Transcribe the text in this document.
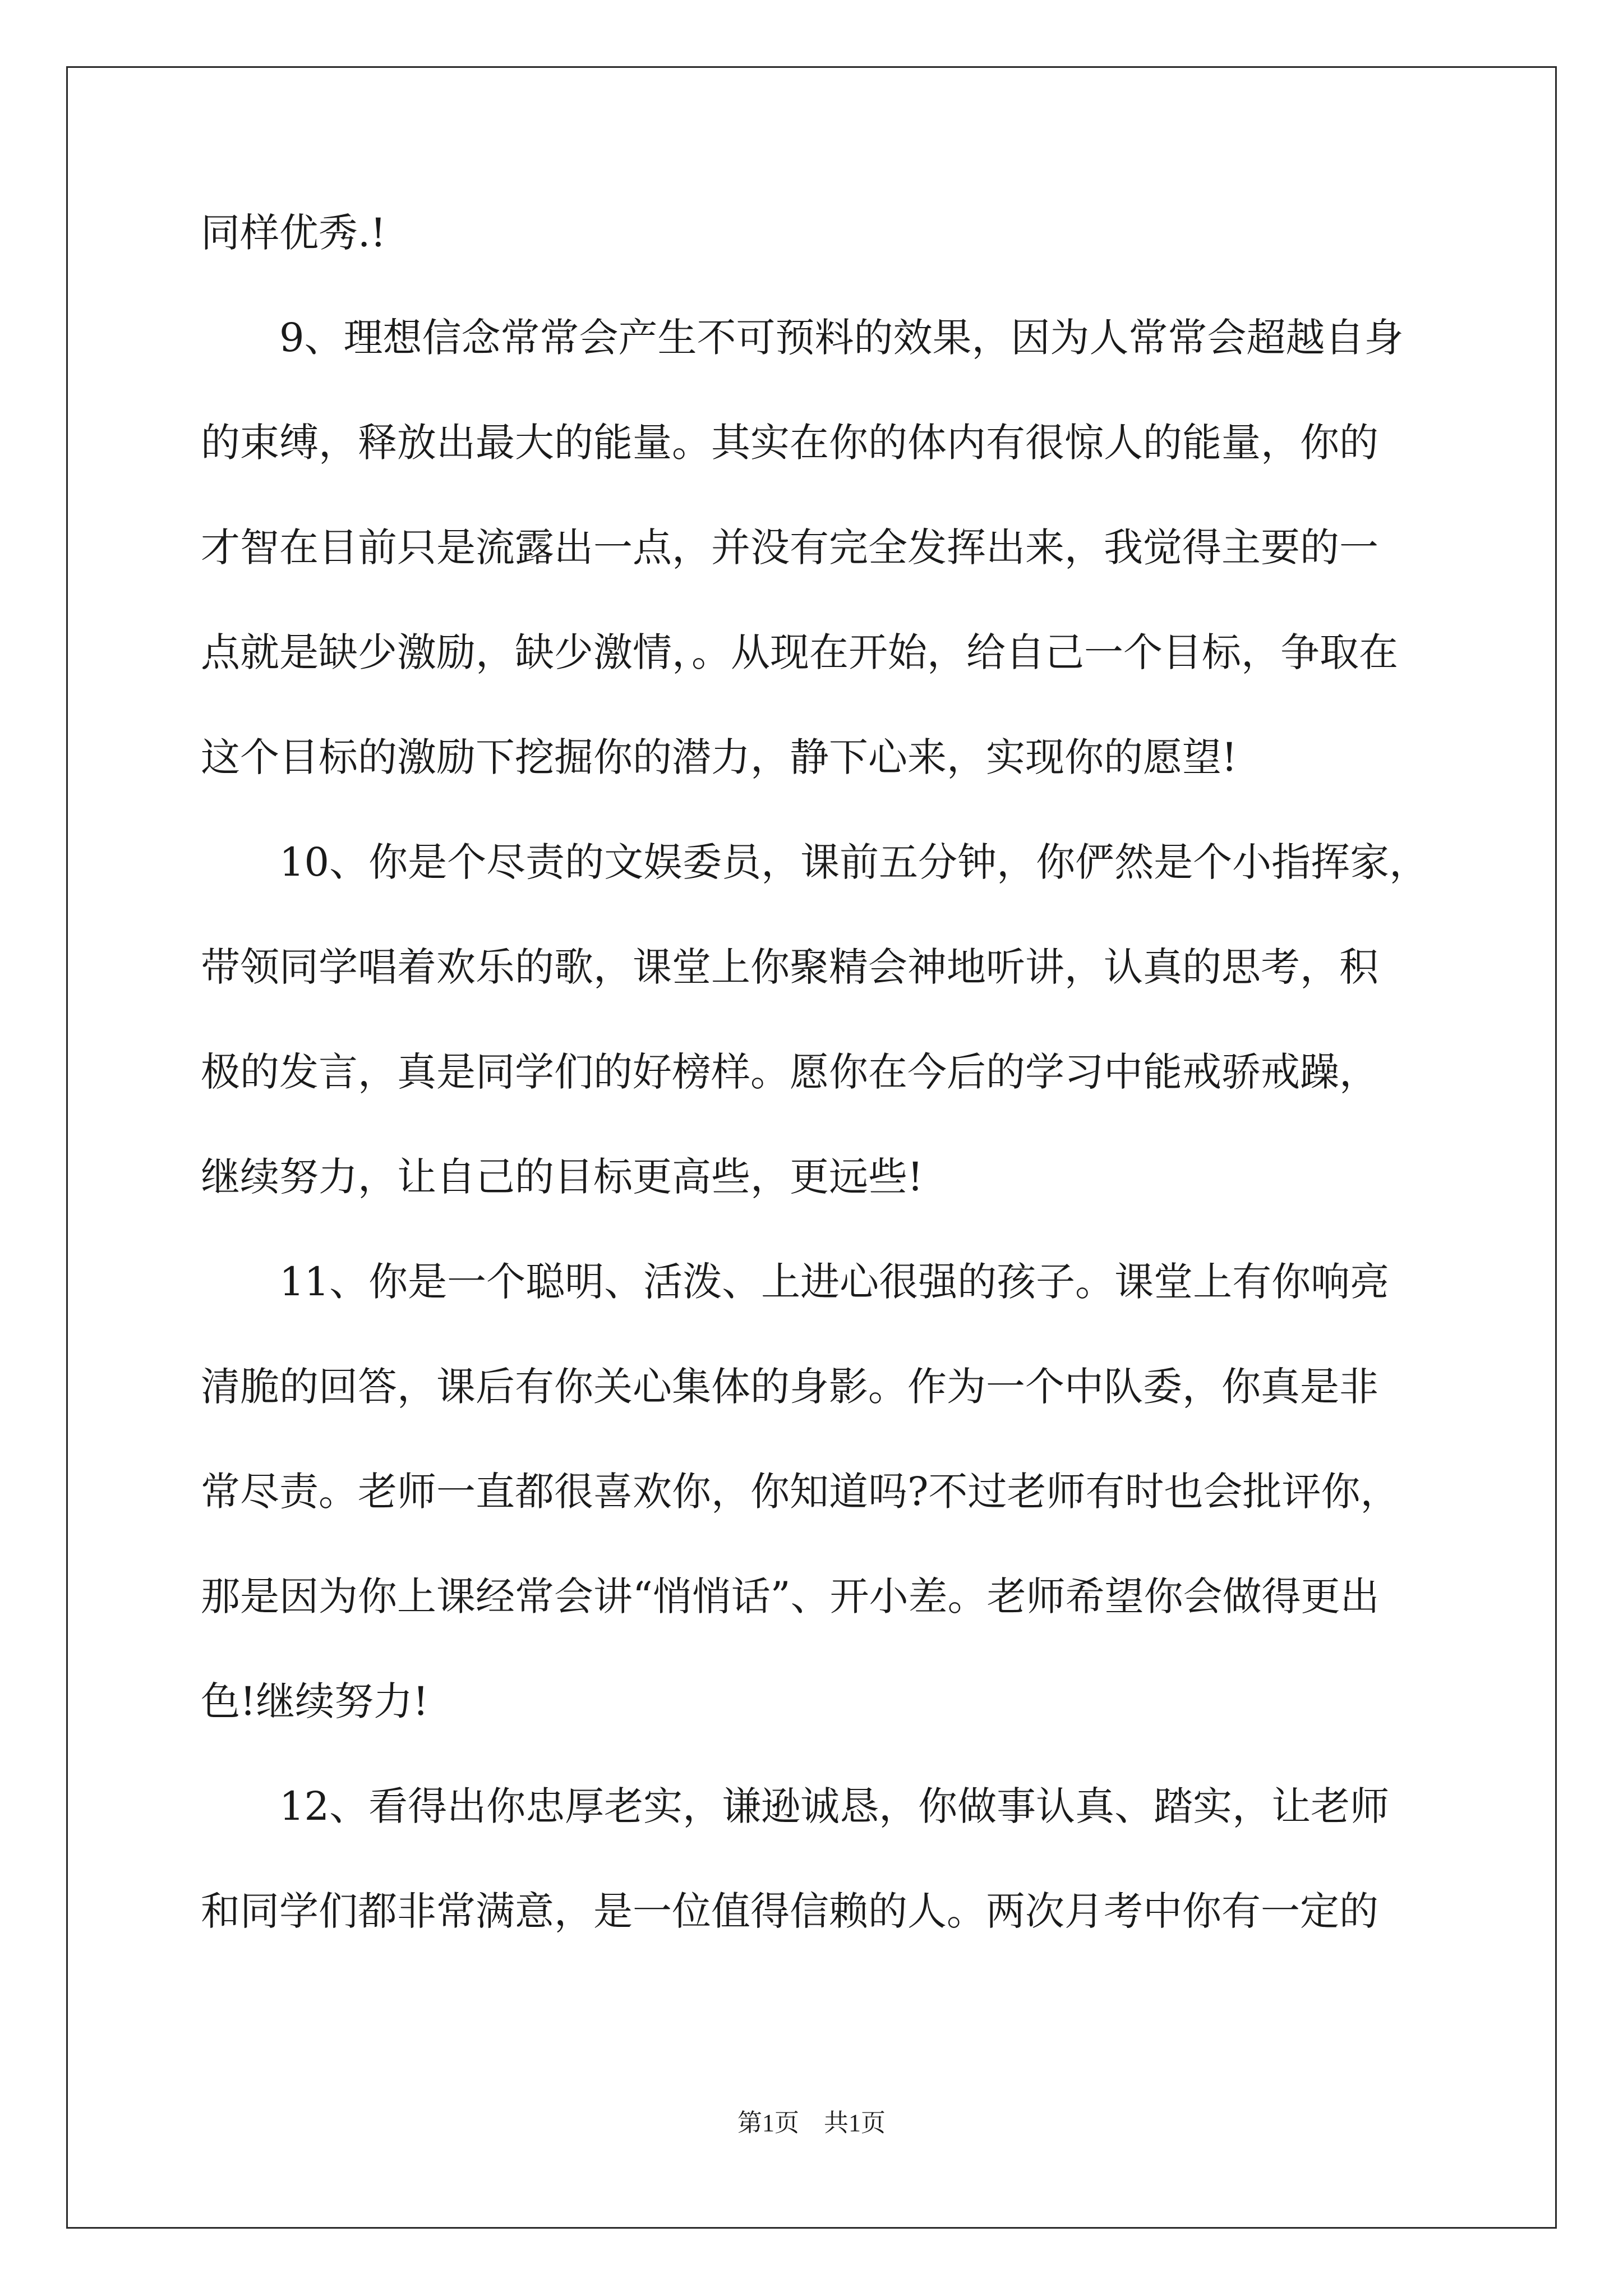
同样优秀.!
　　9、理想信念常常会产生不可预料的效果，因为人常常会超越自身
的束缚，释放出最大的能量。其实在你的体内有很惊人的能量，你的
才智在目前只是流露出一点，并没有完全发挥出来，我觉得主要的一
点就是缺少激励，缺少激情，。从现在开始，给自己一个目标，争取在
这个目标的激励下挖掘你的潜力，静下心来，实现你的愿望!
　　10、你是个尽责的文娱委员，课前五分钟，你俨然是个小指挥家，
带领同学唱着欢乐的歌，课堂上你聚精会神地听讲，认真的思考，积
极的发言，真是同学们的好榜样。愿你在今后的学习中能戒骄戒躁，
继续努力，让自己的目标更高些，更远些!
　　11、你是一个聪明、活泼、上进心很强的孩子。课堂上有你响亮
清脆的回答，课后有你关心集体的身影。作为一个中队委，你真是非
常尽责。老师一直都很喜欢你，你知道吗?不过老师有时也会批评你，
那是因为你上课经常会讲“悄悄话”、开小差。老师希望你会做得更出
色!继续努力!
　　12、看得出你忠厚老实，谦逊诚恳，你做事认真、踏实，让老师
和同学们都非常满意，是一位值得信赖的人。两次月考中你有一定的
第1页　共1页
